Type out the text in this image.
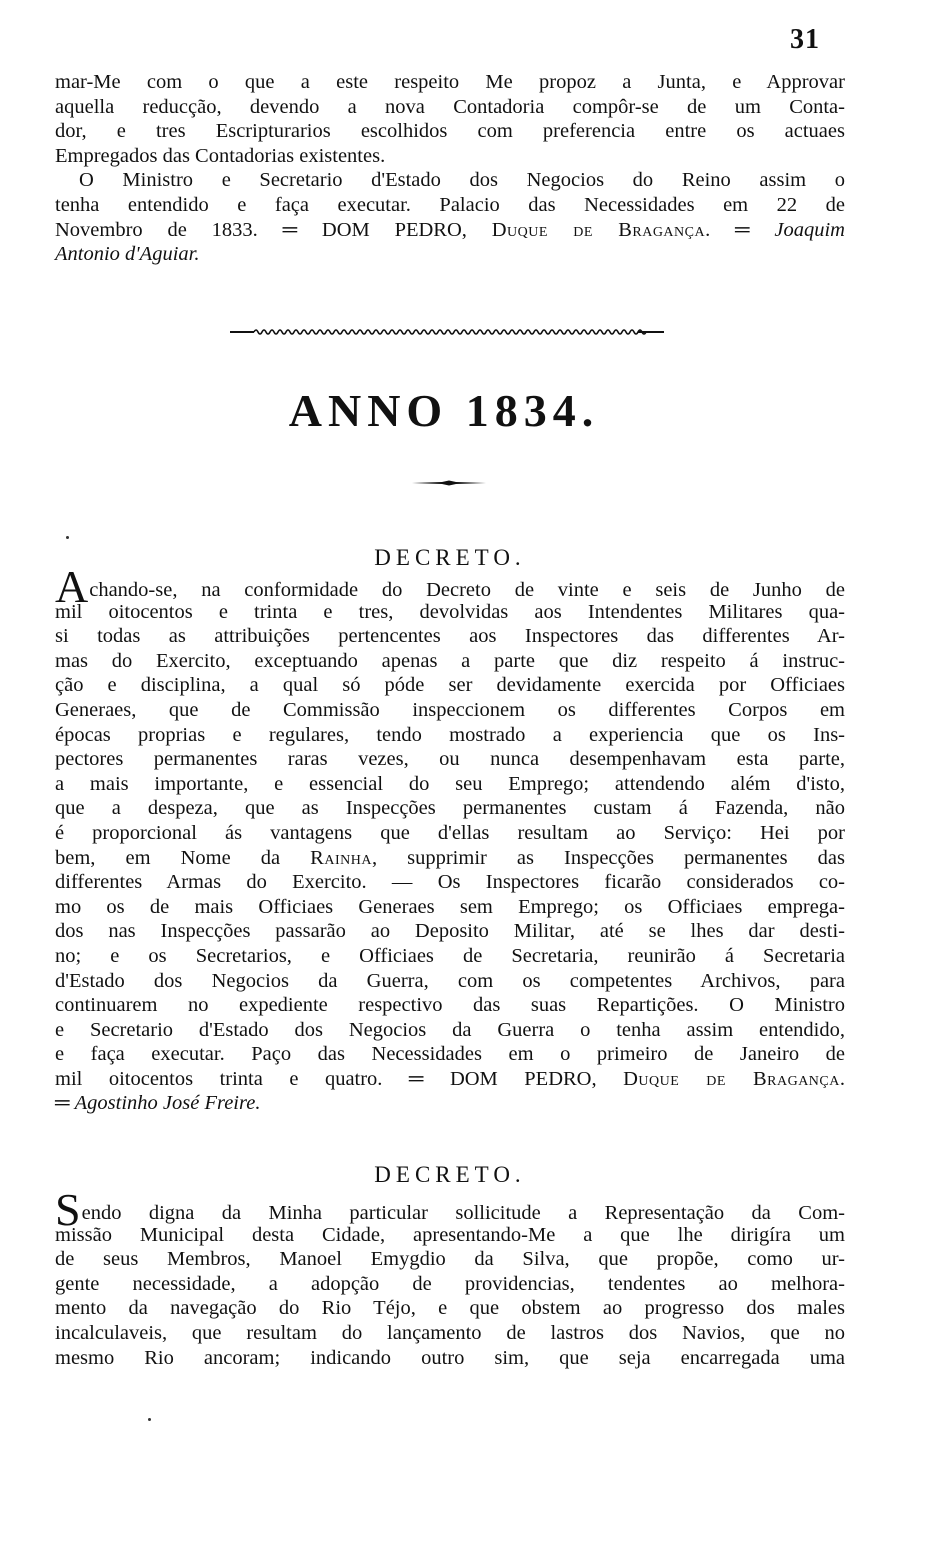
31
mar-Me com o que a este respeito Me propoz a Junta, e Approvar
aquella reducção, devendo a nova Contadoria compôr-se de um Conta-
dor, e tres Escripturarios escolhidos com preferencia entre os actuaes
Empregados das Contadorias existentes.
O Ministro e Secretario d'Estado dos Negocios do Reino assim o
tenha entendido e faça executar. Palacio das Necessidades em 22 de
Novembro de 1833. ═ DOM PEDRO, Duque de Bragança. ═ Joaquim
Antonio d'Aguiar.
ANNO 1834.
DECRETO.
Achando-se, na conformidade do Decreto de vinte e seis de Junho de
mil oitocentos e trinta e tres, devolvidas aos Intendentes Militares qua-
si todas as attribuições pertencentes aos Inspectores das differentes Ar-
mas do Exercito, exceptuando apenas a parte que diz respeito á instruc-
ção e disciplina, a qual só póde ser devidamente exercida por Officiaes
Generaes, que de Commissão inspeccionem os differentes Corpos em
épocas proprias e regulares, tendo mostrado a experiencia que os Ins-
pectores permanentes raras vezes, ou nunca desempenhavam esta parte,
a mais importante, e essencial do seu Emprego; attendendo além d'isto,
que a despeza, que as Inspecções permanentes custam á Fazenda, não
é proporcional ás vantagens que d'ellas resultam ao Serviço: Hei por
bem, em Nome da Rainha, supprimir as Inspecções permanentes das
differentes Armas do Exercito. — Os Inspectores ficarão considerados co-
mo os de mais Officiaes Generaes sem Emprego; os Officiaes emprega-
dos nas Inspecções passarão ao Deposito Militar, até se lhes dar desti-
no; e os Secretarios, e Officiaes de Secretaria, reunirão á Secretaria
d'Estado dos Negocios da Guerra, com os competentes Archivos, para
continuarem no expediente respectivo das suas Repartições. O Ministro
e Secretario d'Estado dos Negocios da Guerra o tenha assim entendido,
e faça executar. Paço das Necessidades em o primeiro de Janeiro de
mil oitocentos trinta e quatro. ═ DOM PEDRO, Duque de Bragança.
═ Agostinho José Freire.
DECRETO.
Sendo digna da Minha particular sollicitude a Representação da Com-
missão Municipal desta Cidade, apresentando-Me a que lhe dirigíra um
de seus Membros, Manoel Emygdio da Silva, que propõe, como ur-
gente necessidade, a adopção de providencias, tendentes ao melhora-
mento da navegação do Rio Téjo, e que obstem ao progresso dos males
incalculaveis, que resultam do lançamento de lastros dos Navios, que no
mesmo Rio ancoram; indicando outro sim, que seja encarregada uma
